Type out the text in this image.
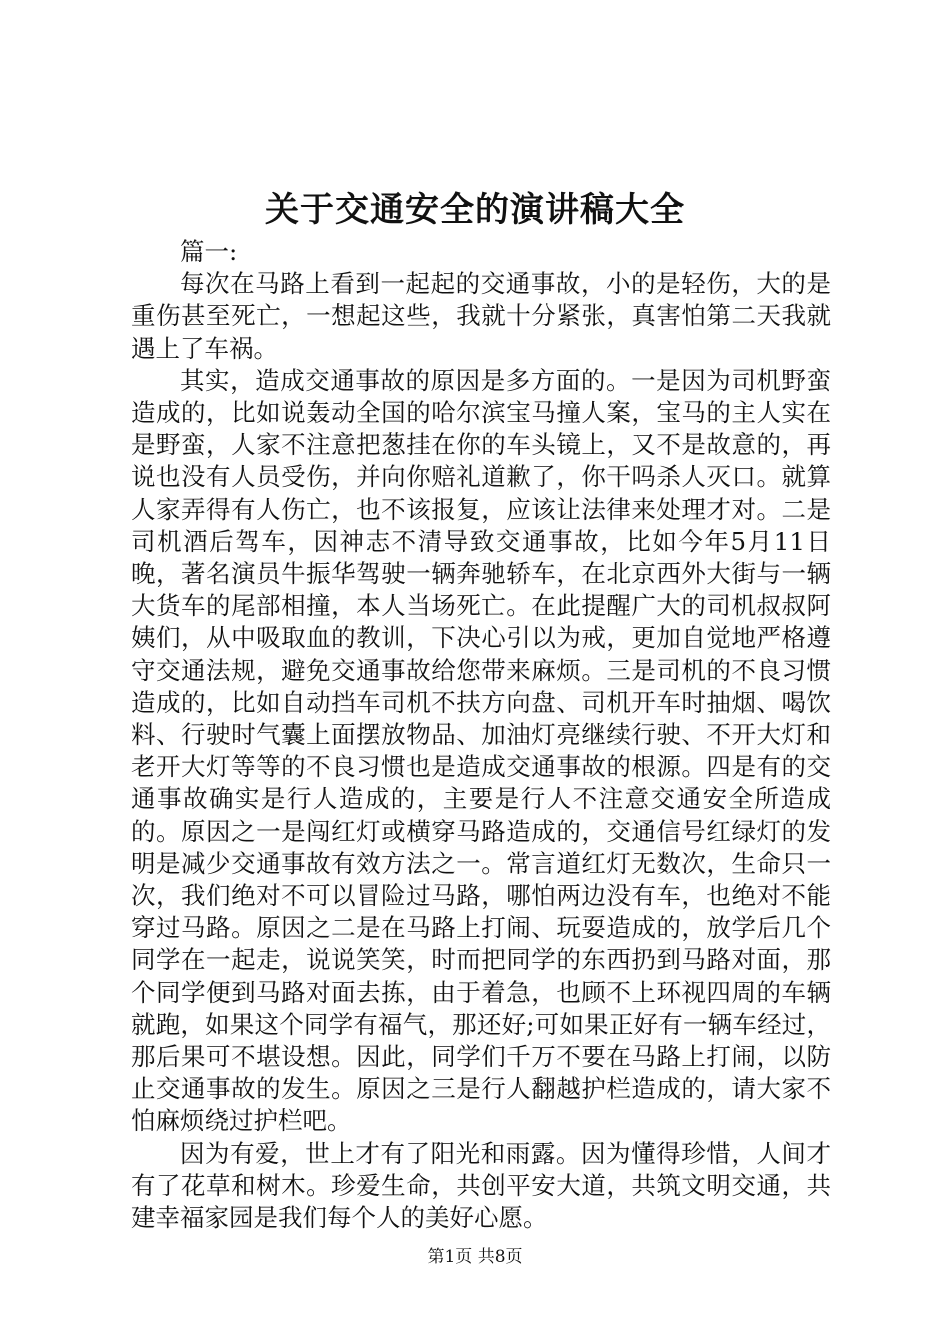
关于交通安全的演讲稿大全

篇一:

每次在马路上看到一起起的交通事故，小的是轻伤，大的是重伤甚至死亡，一想起这些，我就十分紧张，真害怕第二天我就遇上了车祸。

其实，造成交通事故的原因是多方面的。一是因为司机野蛮造成的，比如说轰动全国的哈尔滨宝马撞人案，宝马的主人实在是野蛮，人家不注意把葱挂在你的车头镜上，又不是故意的，再说也没有人员受伤，并向你赔礼道歉了，你干吗杀人灭口。就算人家弄得有人伤亡，也不该报复，应该让法律来处理才对。二是司机酒后驾车，因神志不清导致交通事故，比如今年5月11日晚，著名演员牛振华驾驶一辆奔驰轿车，在北京西外大街与一辆大货车的尾部相撞，本人当场死亡。在此提醒广大的司机叔叔阿姨们，从中吸取血的教训，下决心引以为戒，更加自觉地严格遵守交通法规，避免交通事故给您带来麻烦。三是司机的不良习惯造成的，比如自动挡车司机不扶方向盘、司机开车时抽烟、喝饮料、行驶时气囊上面摆放物品、加油灯亮继续行驶、不开大灯和老开大灯等等的不良习惯也是造成交通事故的根源。四是有的交通事故确实是行人造成的，主要是行人不注意交通安全所造成的。原因之一是闯红灯或横穿马路造成的，交通信号红绿灯的发明是减少交通事故有效方法之一。常言道红灯无数次，生命只一次，我们绝对不可以冒险过马路，哪怕两边没有车，也绝对不能穿过马路。原因之二是在马路上打闹、玩耍造成的，放学后几个同学在一起走，说说笑笑，时而把同学的东西扔到马路对面，那个同学便到马路对面去拣，由于着急，也顾不上环视四周的车辆就跑，如果这个同学有福气，那还好;可如果正好有一辆车经过，那后果可不堪设想。因此，同学们千万不要在马路上打闹，以防止交通事故的发生。原因之三是行人翻越护栏造成的，请大家不怕麻烦绕过护栏吧。

因为有爱，世上才有了阳光和雨露。因为懂得珍惜，人间才有了花草和树木。珍爱生命，共创平安大道，共筑文明交通，共建幸福家园是我们每个人的美好心愿。

第1页 共8页
